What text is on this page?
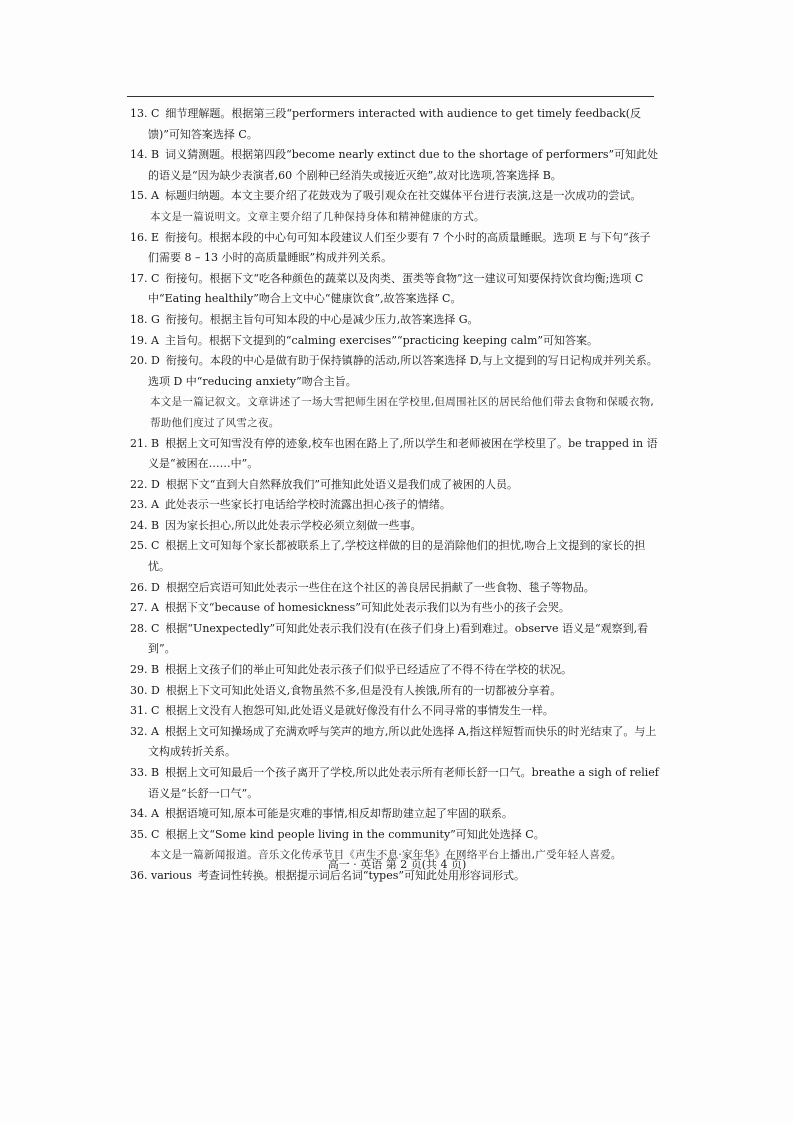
13. C 细节理解题。根据第三段“performers interacted with audience to get timely feedback(反馈)”可知答案选择 C。
14. B 词义猜测题。根据第四段“become nearly extinct due to the shortage of performers”可知此处的语义是“因为缺少表演者,60 个剧种已经消失或接近灭绝”,故对比选项,答案选择 B。
15. A 标题归纳题。本文主要介绍了花鼓戏为了吸引观众在社交媒体平台进行表演,这是一次成功的尝试。
本文是一篇说明文。文章主要介绍了几种保持身体和精神健康的方式。
16. E 衔接句。根据本段的中心句可知本段建议人们至少要有 7 个小时的高质量睡眠。选项 E 与下句“孩子们需要 8 – 13 小时的高质量睡眠”构成并列关系。
17. C 衔接句。根据下文“吃各种颜色的蔬菜以及肉类、蛋类等食物”这一建议可知要保持饮食均衡;选项 C 中“Eating healthily”吻合上文中心“健康饮食”,故答案选择 C。
18. G 衔接句。根据主旨句可知本段的中心是减少压力,故答案选择 G。
19. A 主旨句。根据下文提到的“calming exercises”“practicing keeping calm”可知答案。
20. D 衔接句。本段的中心是做有助于保持镇静的活动,所以答案选择 D,与上文提到的写日记构成并列关系。选项 D 中“reducing anxiety”吻合主旨。
本文是一篇记叙文。文章讲述了一场大雪把师生困在学校里,但周围社区的居民给他们带去食物和保暖衣物,帮助他们度过了风雪之夜。
21. B 根据上文可知雪没有停的迹象,校车也困在路上了,所以学生和老师被困在学校里了。be trapped in 语义是“被困在……中”。
22. D 根据下文“直到大自然释放我们”可推知此处语义是我们成了被困的人员。
23. A 此处表示一些家长打电话给学校时流露出担心孩子的情绪。
24. B 因为家长担心,所以此处表示学校必须立刻做一些事。
25. C 根据上文可知每个家长都被联系上了,学校这样做的目的是消除他们的担忧,吻合上文提到的家长的担忧。
26. D 根据空后宾语可知此处表示一些住在这个社区的善良居民捐献了一些食物、毯子等物品。
27. A 根据下文“because of homesickness”可知此处表示我们以为有些小的孩子会哭。
28. C 根据“Unexpectedly”可知此处表示我们没有(在孩子们身上)看到难过。observe 语义是“观察到,看到”。
29. B 根据上文孩子们的举止可知此处表示孩子们似乎已经适应了不得不待在学校的状况。
30. D 根据上下文可知此处语义,食物虽然不多,但是没有人挨饿,所有的一切都被分享着。
31. C 根据上文没有人抱怨可知,此处语义是就好像没有什么不同寻常的事情发生一样。
32. A 根据上文可知操场成了充满欢呼与笑声的地方,所以此处选择 A,指这样短暂而快乐的时光结束了。与上文构成转折关系。
33. B 根据上文可知最后一个孩子离开了学校,所以此处表示所有老师长舒一口气。breathe a sigh of relief 语义是“长舒一口气”。
34. A 根据语境可知,原本可能是灾难的事情,相反却帮助建立起了牢固的联系。
35. C 根据上文“Some kind people living in the community”可知此处选择 C。
本文是一篇新闻报道。音乐文化传承节目《声生不息·家年华》在网络平台上播出,广受年轻人喜爱。
36. various 考查词性转换。根据提示词后名词“types”可知此处用形容词形式。
高一 · 英语 第 2 页(共 4 页)
